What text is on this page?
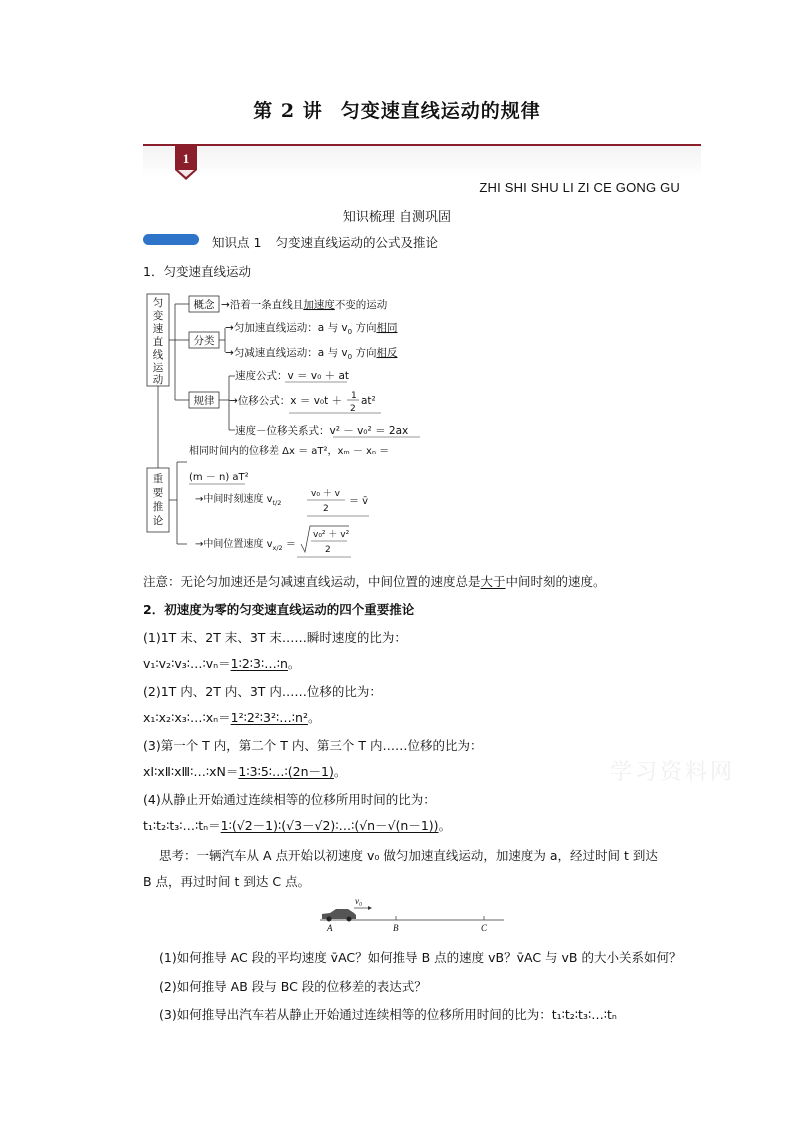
第 2 讲 匀变速直线运动的规律
1
ZHI SHI SHU LI ZI CE GONG GU
知识梳理 自测巩固
知识点 1 匀变速直线运动的公式及推论
1．匀变速直线运动
匀
变
速
直
线
运
动
概念 →沿着一条直线且加速度不变的运动
分类
→匀加速直线运动：a 与 $v_0$ 方向相同
→匀减速直线运动：a 与 $v_0$ 方向相反
规律
速度公式：v ＝ v₀ ＋ at
→位移公式：x ＝ v₀t ＋ 1
2
at²
速度－位移关系式：v² － v₀² ＝ 2ax
重
要
推
论
相同时间内的位移差 Δx ＝ aT²，xₘ － xₙ ＝
(m － n) aT²
→中间时刻速度 $v_{t/2}$
v₀ ＋ v
2
＝ v̄
→中间位置速度 $v_{x/2}$ ＝
v₀² ＋ v²
2
注意：无论匀加速还是匀减速直线运动，中间位置的速度总是大于中间时刻的速度。
2．初速度为零的匀变速直线运动的四个重要推论
(1)1T 末、2T 末、3T 末……瞬时速度的比为：
v₁∶v₂∶v₃∶…∶vₙ＝1∶2∶3∶…∶n。
(2)1T 内、2T 内、3T 内……位移的比为：
x₁∶x₂∶x₃∶…∶xₙ＝1²∶2²∶3²∶…∶n²。
(3)第一个 T 内，第二个 T 内、第三个 T 内……位移的比为：
xⅠ∶xⅡ∶xⅢ∶…∶xN＝1∶3∶5∶…∶(2n－1)。	学习资料网
(4)从静止开始通过连续相等的位移所用时间的比为：
t₁∶t₂∶t₃∶…∶tₙ＝1∶(√2－1)∶(√3－√2)∶…∶(√n－√(n－1))。
思考：一辆汽车从 A 点开始以初速度 v₀ 做匀加速直线运动，加速度为 a，经过时间 t 到达
B 点，再过时间 t 到达 C 点。
v₀
A	B	C
(1)如何推导 AC 段的平均速度 v̄AC？如何推导 B 点的速度 vB？v̄AC 与 vB 的大小关系如何？
(2)如何推导 AB 段与 BC 段的位移差的表达式？
(3)如何推导出汽车若从静止开始通过连续相等的位移所用时间的比为：t₁∶t₂∶t₃∶…∶tₙ
